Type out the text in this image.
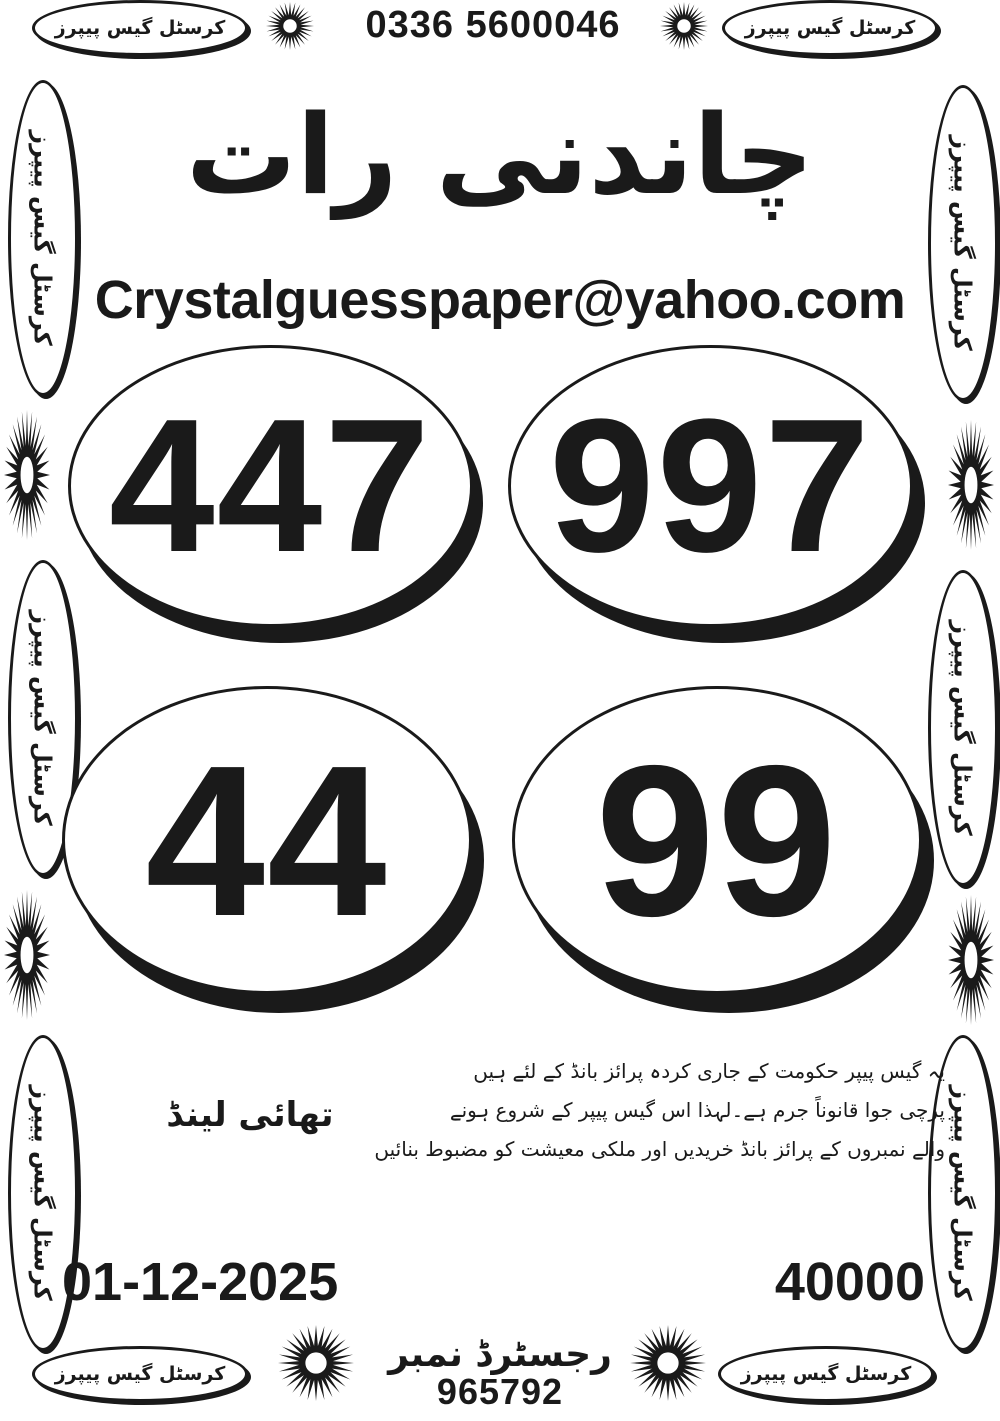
کرسٹل گیس پیپرز	0336 5600046	کرسٹل گیس پیپرز
کرسٹل گیس پیپرز
کرسٹل گیس پیپرز
کرسٹل گیس پیپرز
کرسٹل گیس پیپرز
کرسٹل گیس پیپرز
کرسٹل گیس پیپرز
چاندنی رات
Crystalguesspaper@yahoo.com
447 997
44 99
یہ گیس پیپر حکومت کے جاری کردہ پرائز بانڈ کے لئے ہیں
پرچی جوا قانوناً جرم ہے۔لہذا اس گیس پیپر کے شروع ہونے
والے نمبروں کے پرائز بانڈ خریدیں اور ملکی معیشت کو مضبوط بنائیں
تھائی لینڈ
01-12-2025	40000
کرسٹل گیس پیپرز	رجسٹرڈ نمبر
965792	کرسٹل گیس پیپرز
